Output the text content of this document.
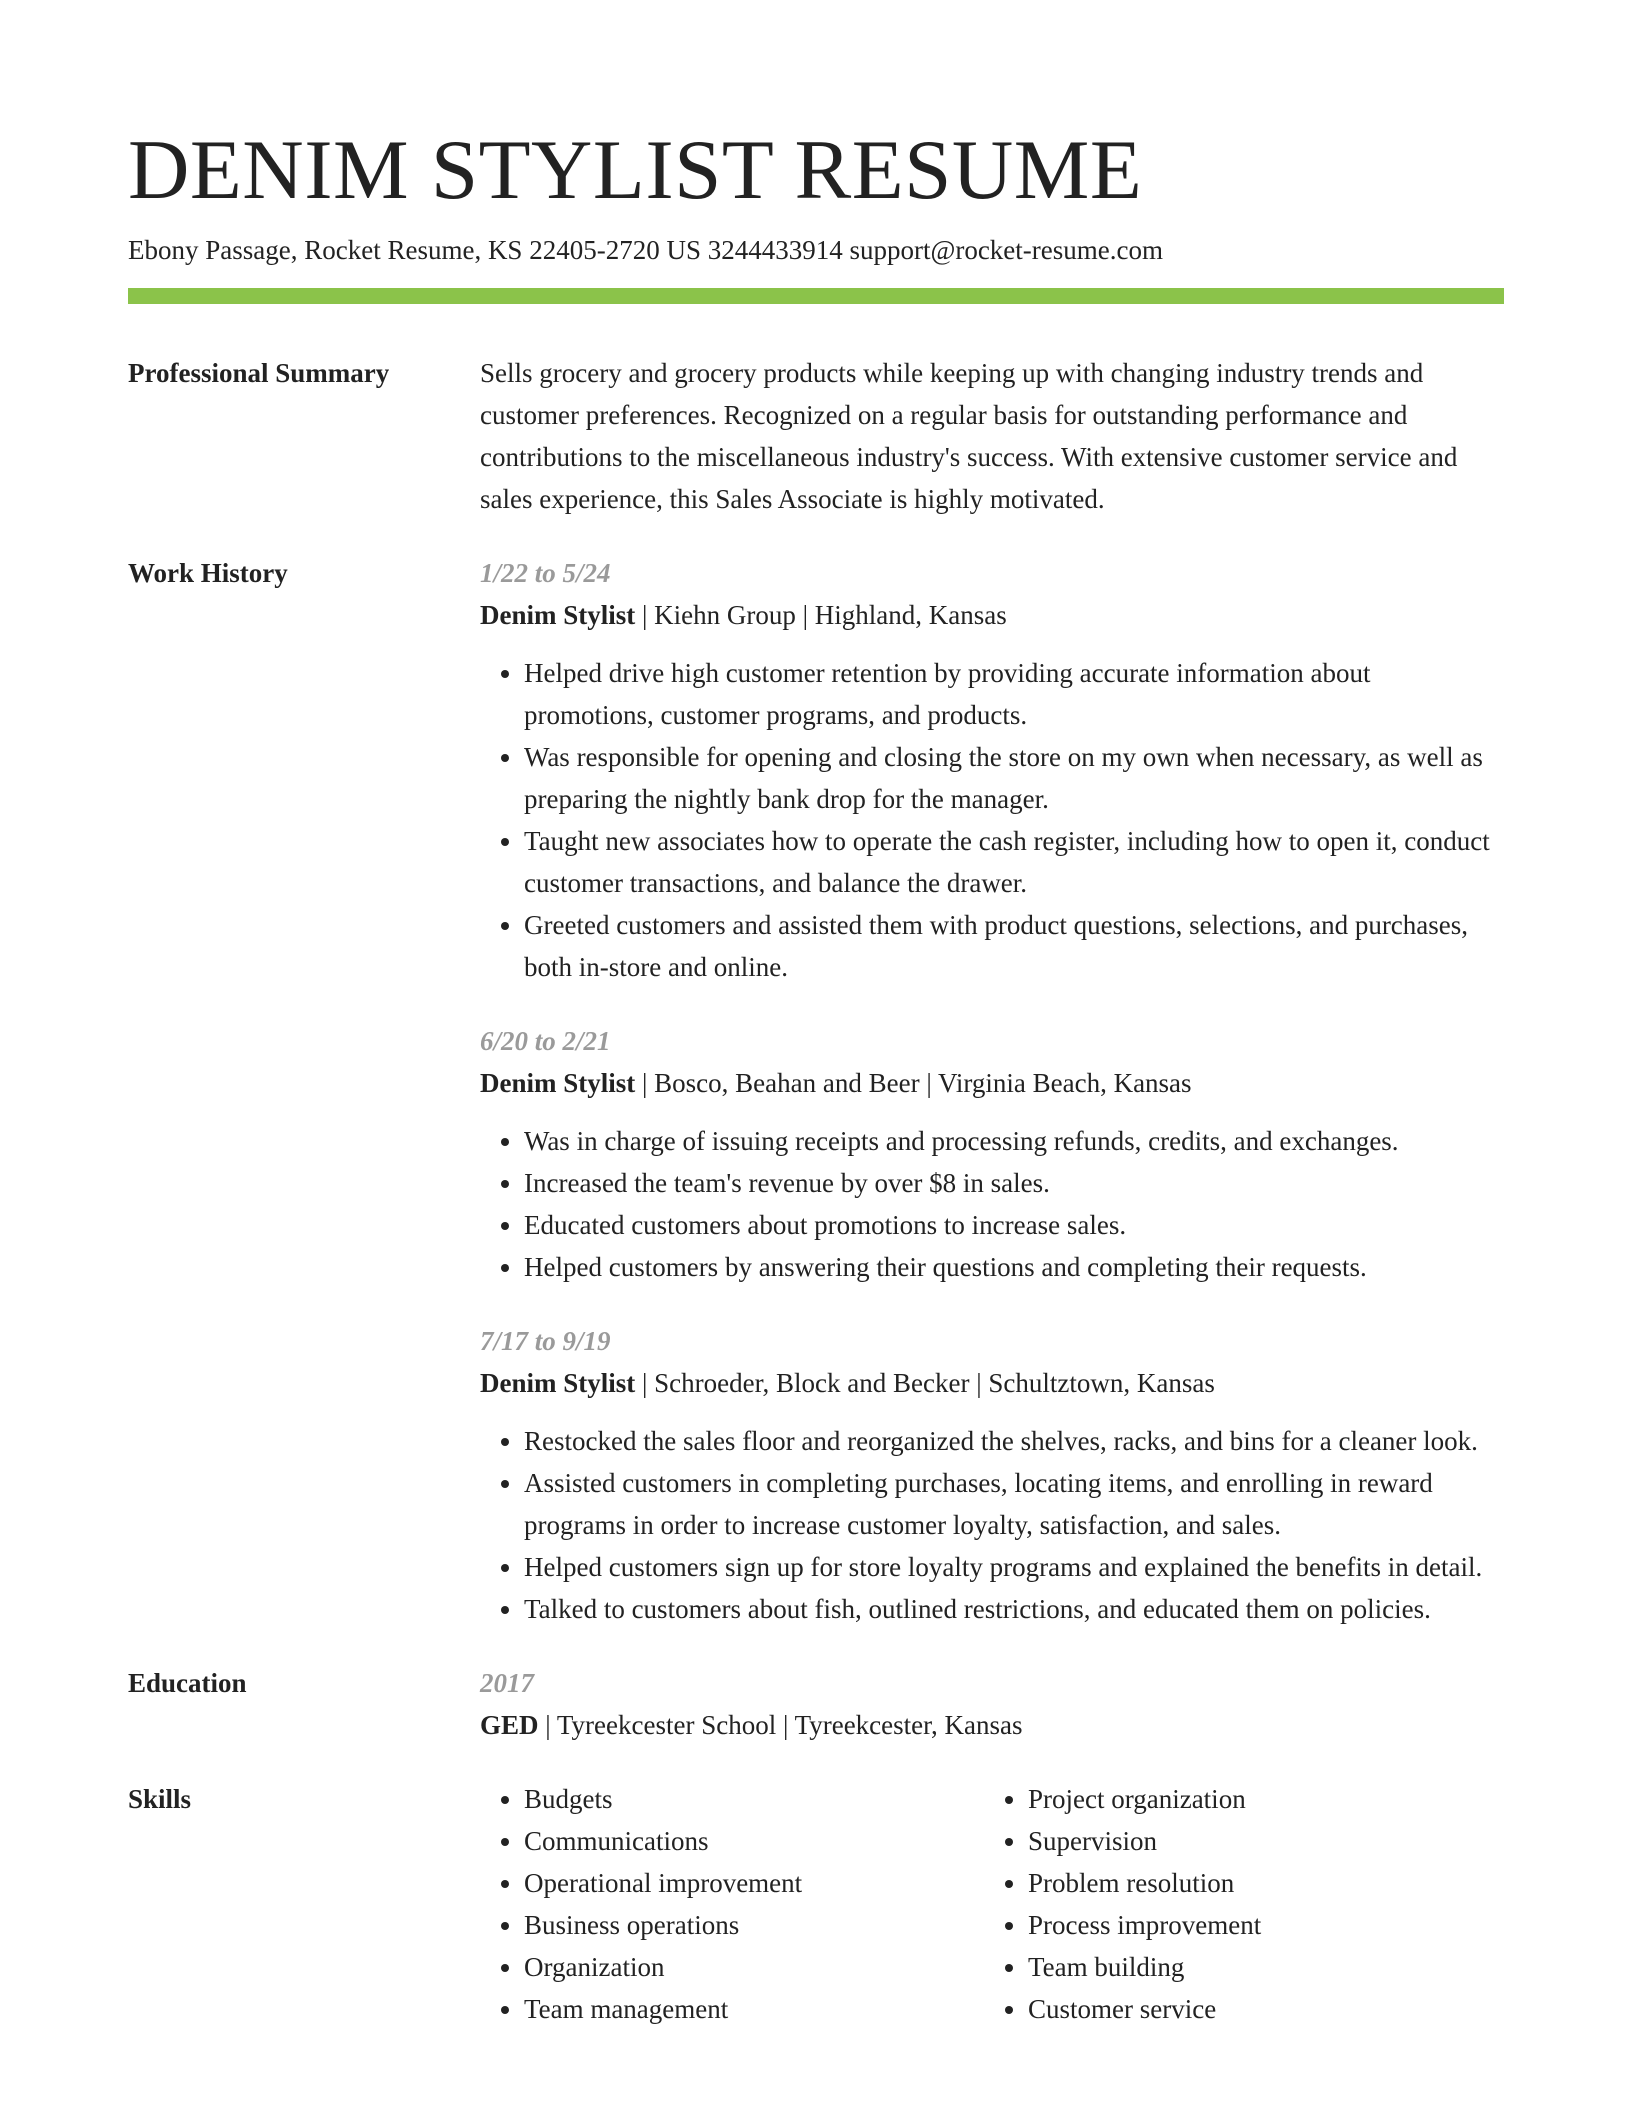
DENIM STYLIST RESUME
Ebony Passage, Rocket Resume, KS 22405-2720 US 3244433914 support@rocket-resume.com
Professional Summary	Sells grocery and grocery products while keeping up with changing industry trends and customer preferences. Recognized on a regular basis for outstanding performance and contributions to the miscellaneous industry's success. With extensive customer service and sales experience, this Sales Associate is highly motivated.
Work History	1/22 to 5/24
Denim Stylist | Kiehn Group | Highland, Kansas
• Helped drive high customer retention by providing accurate information about promotions, customer programs, and products.
• Was responsible for opening and closing the store on my own when necessary, as well as preparing the nightly bank drop for the manager.
• Taught new associates how to operate the cash register, including how to open it, conduct customer transactions, and balance the drawer.
• Greeted customers and assisted them with product questions, selections, and purchases, both in-store and online.
6/20 to 2/21
Denim Stylist | Bosco, Beahan and Beer | Virginia Beach, Kansas
• Was in charge of issuing receipts and processing refunds, credits, and exchanges.
• Increased the team's revenue by over $8 in sales.
• Educated customers about promotions to increase sales.
• Helped customers by answering their questions and completing their requests.
7/17 to 9/19
Denim Stylist | Schroeder, Block and Becker | Schultztown, Kansas
• Restocked the sales floor and reorganized the shelves, racks, and bins for a cleaner look.
• Assisted customers in completing purchases, locating items, and enrolling in reward programs in order to increase customer loyalty, satisfaction, and sales.
• Helped customers sign up for store loyalty programs and explained the benefits in detail.
• Talked to customers about fish, outlined restrictions, and educated them on policies.
Education	2017
GED | Tyreekcester School | Tyreekcester, Kansas
Skills
•	Budgets
• Communications
• Operational improvement
• Business operations
• Organization
• Team management
• Project organization
• Supervision
• Problem resolution
• Process improvement
• Team building
• Customer service
